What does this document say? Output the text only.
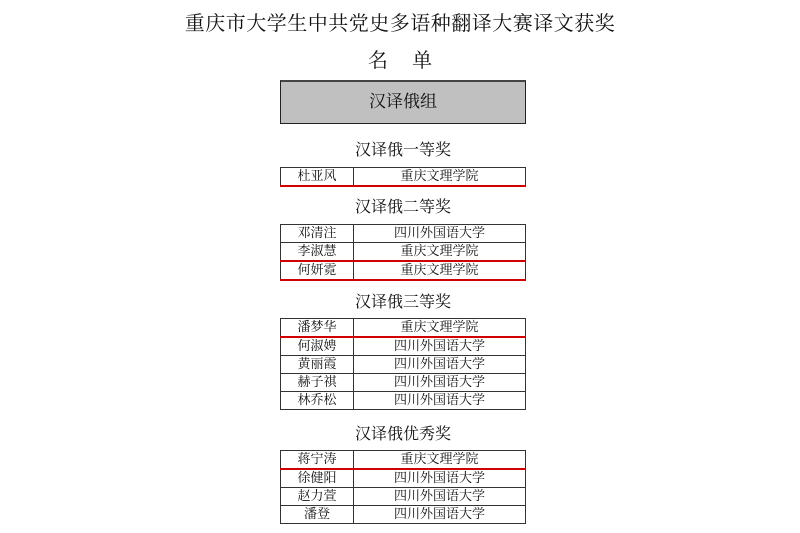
重庆市大学生中共党史多语种翻译大赛译文获奖
名 单
汉译俄组
汉译俄一等奖
杜亚风	重庆文理学院
汉译俄二等奖
邓清注	四川外国语大学
李淑慧	重庆文理学院
何妍霓	重庆文理学院
汉译俄三等奖
潘梦华	重庆文理学院
何淑娉	四川外国语大学
黄丽霞	四川外国语大学
赫子祺	四川外国语大学
林乔松	四川外国语大学
汉译俄优秀奖
蒋宁涛	重庆文理学院
徐健阳	四川外国语大学
赵力萱	四川外国语大学
潘登	四川外国语大学
